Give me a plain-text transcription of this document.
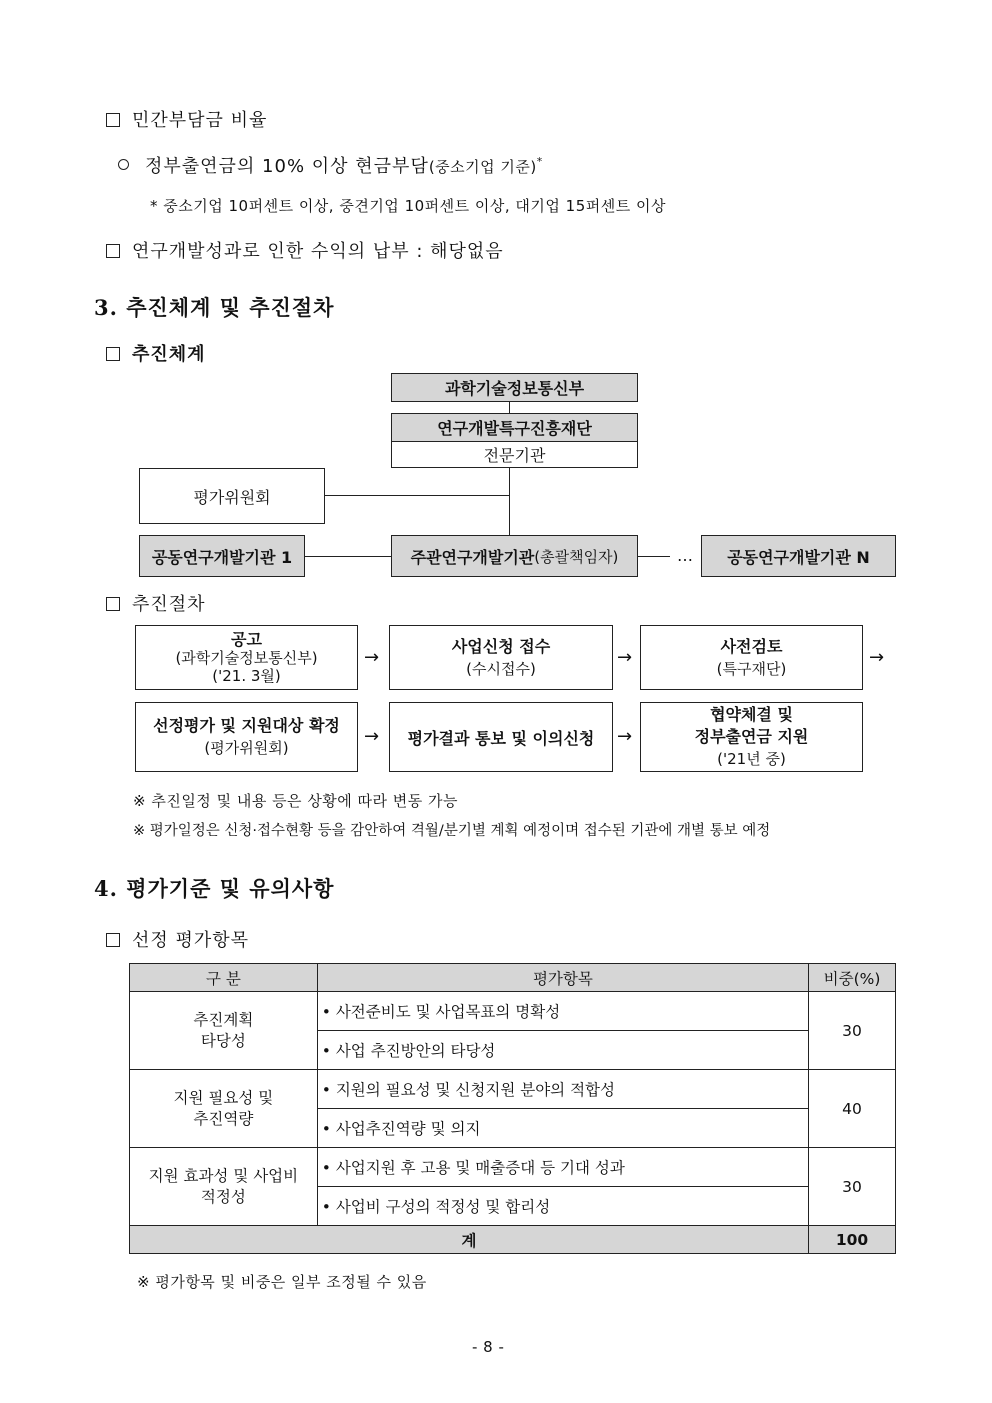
민간부담금 비율
정부출연금의 10% 이상 현금부담(중소기업 기준)*
* 중소기업 10퍼센트 이상, 중견기업 10퍼센트 이상, 대기업 15퍼센트 이상
연구개발성과로 인한 수익의 납부 : 해당없음
3. 추진체계 및 추진절차
추진체계
과학기술정보통신부
연구개발특구진흥재단
전문기관
평가위원회
공동연구개발기관 1	주관연구개발기관 (총괄책임자)	… 공동연구개발기관 N
추진절차
공고
(과학기술정보통신부)
('21. 3월)
→
사업신청 접수
(수시접수)
→
사전검토
(특구재단)
→
선정평가 및 지원대상 확정
(평가위원회)
→ 평가결과 통보 및 이의신청 →
협약체결 및
정부출연금 지원
('21년 중)
※ 추진일정 및 내용 등은 상황에 따라 변동 가능
※ 평가일정은 신청·접수현황 등을 감안하여 격월/분기별 계획 예정이며 접수된 기관에 개별 통보 예정
4. 평가기준 및 유의사항
선정 평가항목
구 분	평가항목	비중(%)
추진계획
타당성	• 사전준비도 및 사업목표의 명확성	30
	• 사업 추진방안의 타당성	
지원 필요성 및
추진역량	• 지원의 필요성 및 신청지원 분야의 적합성	40
	• 사업추진역량 및 의지	
지원 효과성 및 사업비
적정성	• 사업지원 후 고용 및 매출증대 등 기대 성과	30
	• 사업비 구성의 적정성 및 합리성	
계		100
※ 평가항목 및 비중은 일부 조정될 수 있음
- 8 -
